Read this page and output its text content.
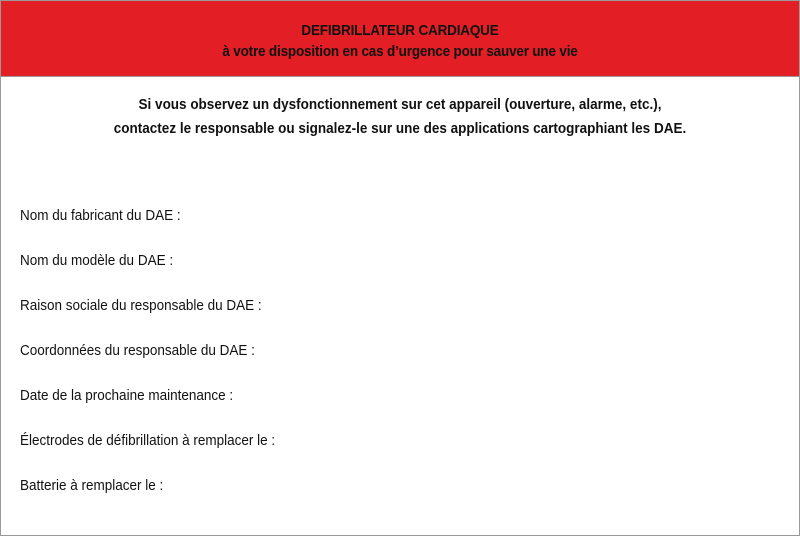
DEFIBRILLATEUR CARDIAQUE
à votre disposition en cas d’urgence pour sauver une vie
Si vous observez un dysfonctionnement sur cet appareil (ouverture, alarme, etc.),
contactez le responsable ou signalez-le sur une des applications cartographiant les DAE.
Nom du fabricant du DAE :
Nom du modèle du DAE :
Raison sociale du responsable du DAE :
Coordonnées du responsable du DAE :
Date de la prochaine maintenance :
Électrodes de défibrillation à remplacer le :
Batterie à remplacer le :
